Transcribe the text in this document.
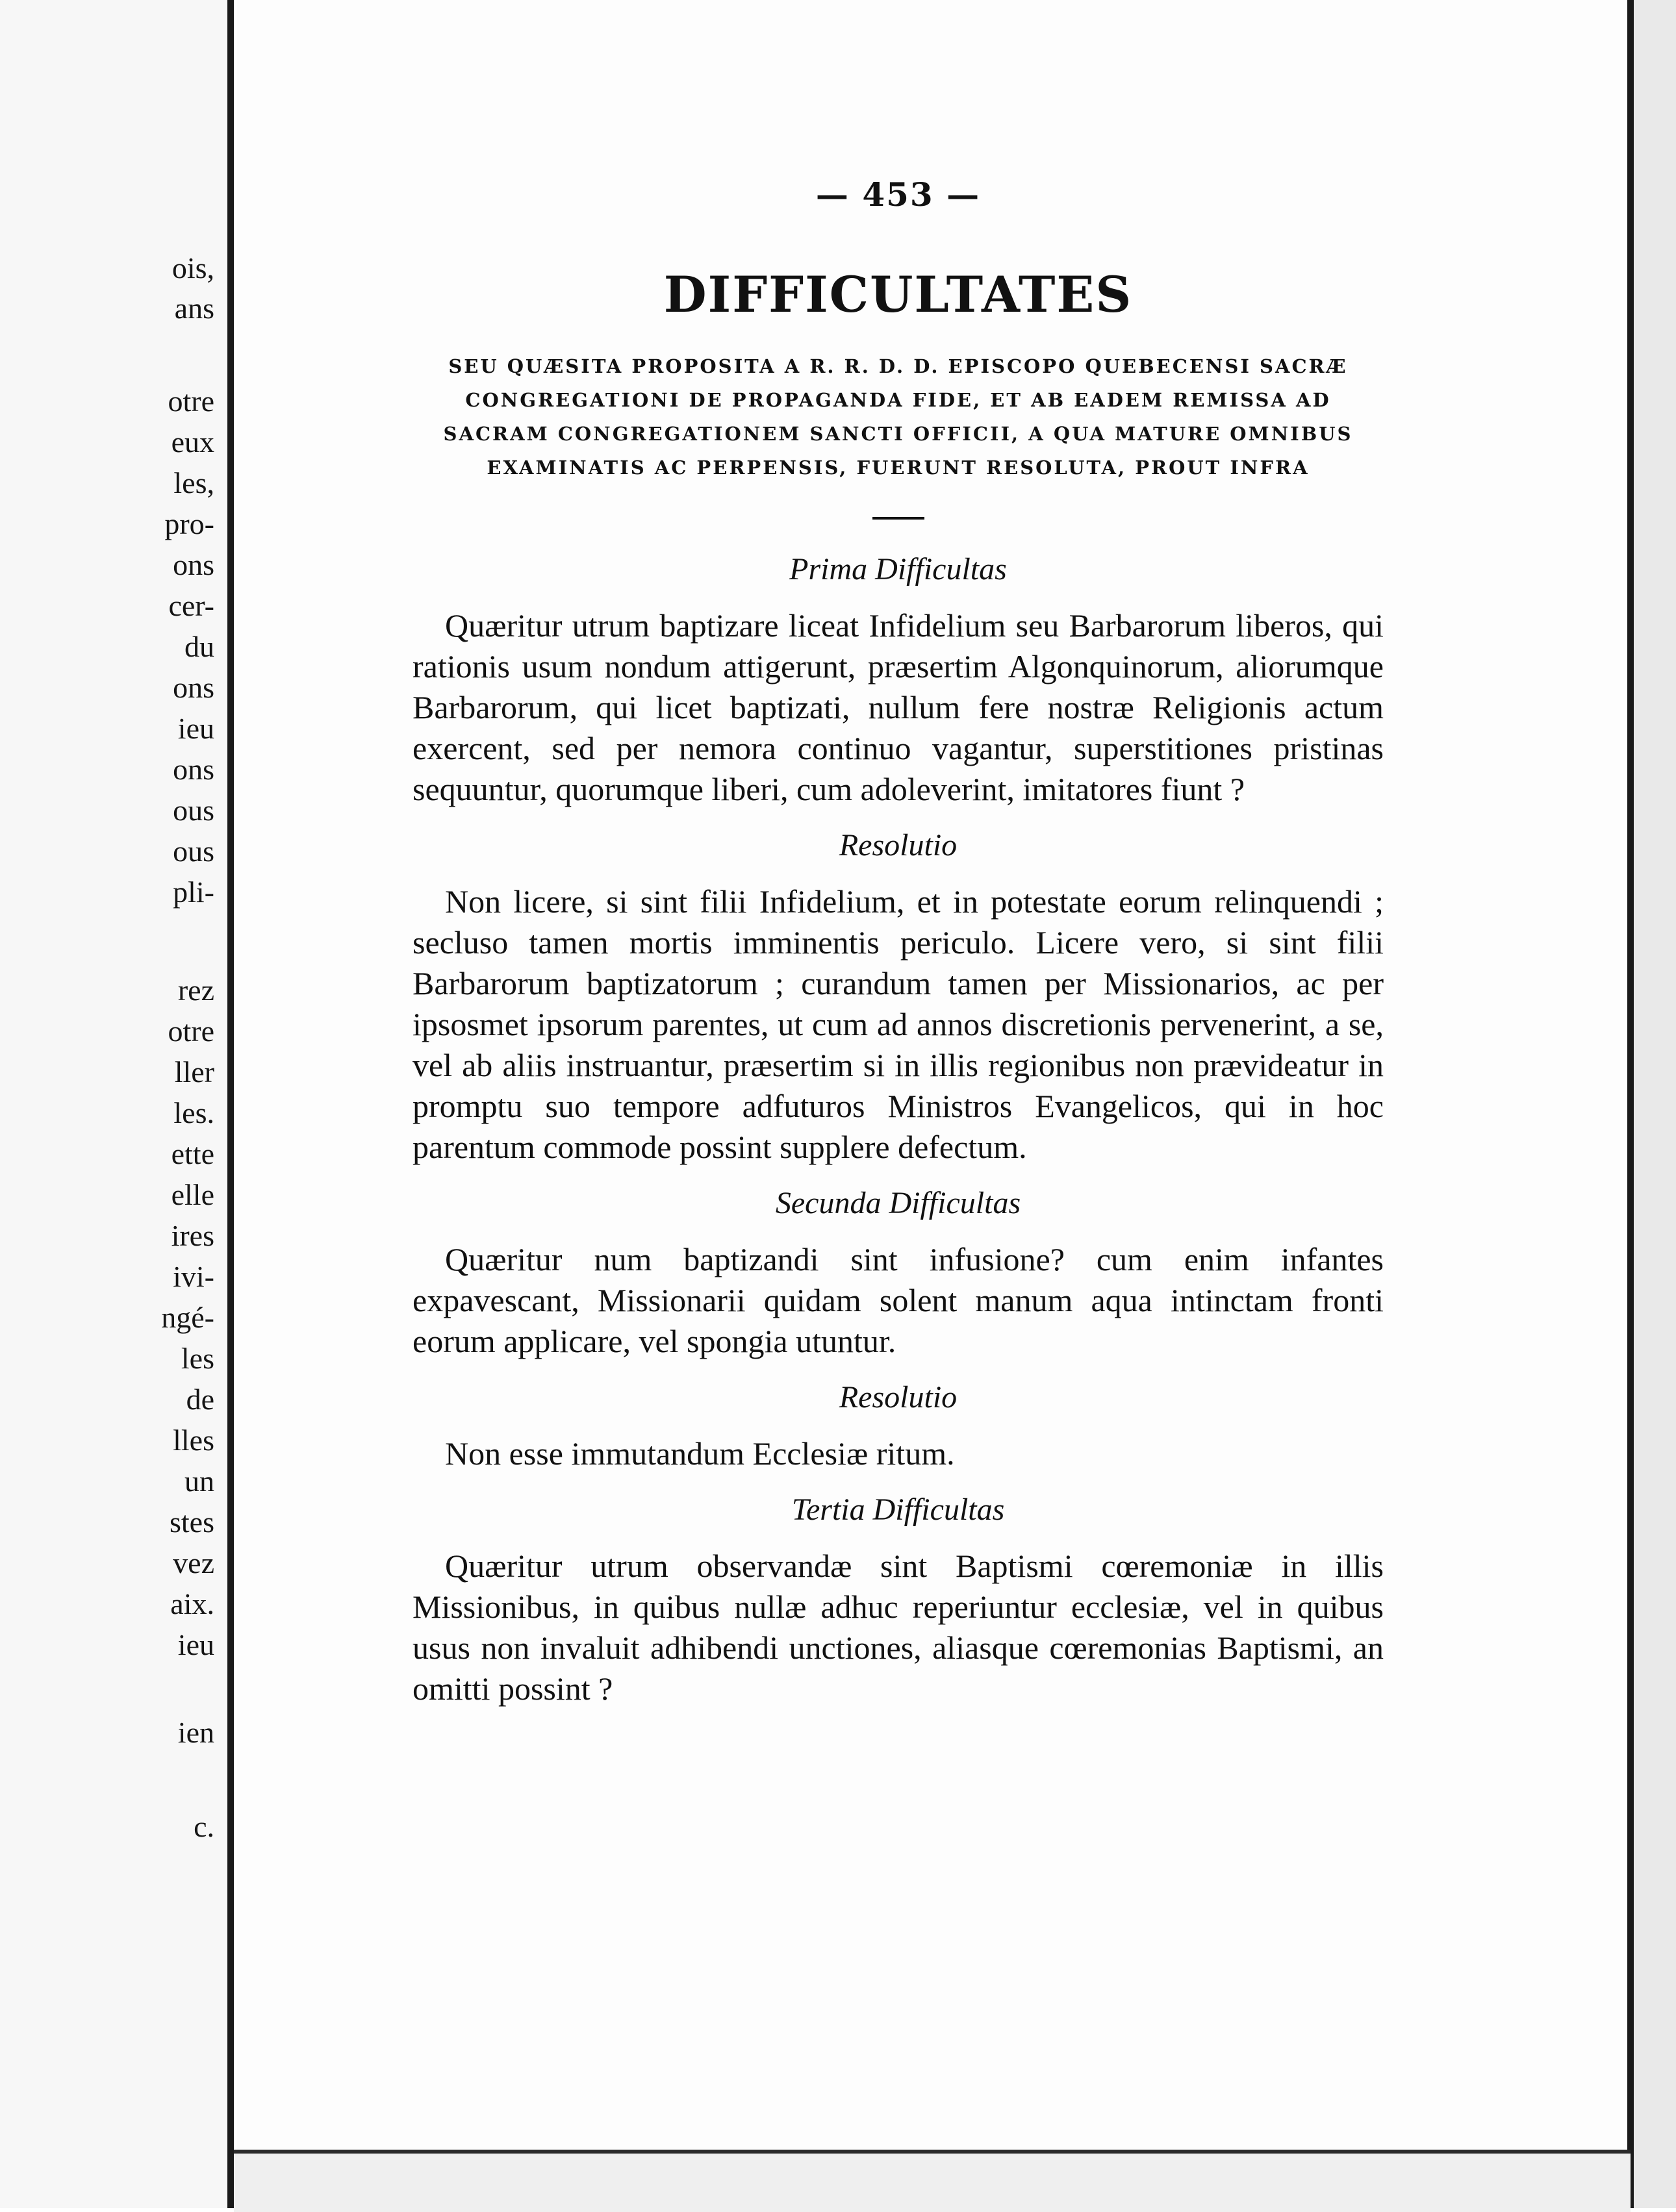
ois,
ans
otre
eux
les,
pro-
ons
cer-
du
ons
ieu
ons
ous
ous
pli-
rez
otre
ller
les.
ette
elle
ires
ivi-
ngé-
les
de
lles
un
stes
vez
aix.
ieu
ien
c.
— 453 —
DIFFICULTATES
SEU QUÆSITA PROPOSITA A R. R. D. D. EPISCOPO QUEBECENSI SACRÆ CONGREGATIONI DE PROPAGANDA FIDE, ET AB EADEM REMISSA AD SACRAM CONGREGATIONEM SANCTI OFFICII, A QUA MATURE OMNIBUS EXAMINATIS AC PERPENSIS, FUERUNT RESOLUTA, PROUT INFRA
Prima Difficultas

Quæritur utrum baptizare liceat Infidelium seu Barbarorum liberos, qui rationis usum nondum attigerunt, præsertim Algonquinorum, aliorumque Barbarorum, qui licet baptizati, nullum fere nostræ Religionis actum exercent, sed per nemora continuo vagantur, superstitiones pristinas sequuntur, quorumque liberi, cum adoleverint, imitatores fiunt ?

Resolutio

Non licere, si sint filii Infidelium, et in potestate eorum relinquendi ; secluso tamen mortis imminentis periculo. Licere vero, si sint filii Barbarorum baptizatorum ; curandum tamen per Missionarios, ac per ipsosmet ipsorum parentes, ut cum ad annos discretionis pervenerint, a se, vel ab aliis instruantur, præsertim si in illis regionibus non prævideatur in promptu suo tempore adfuturos Ministros Evangelicos, qui in hoc parentum commode possint supplere defectum.

Secunda Difficultas

Quæritur num baptizandi sint infusione? cum enim infantes expavescant, Missionarii quidam solent manum aqua intinctam fronti eorum applicare, vel spongia utuntur.

Resolutio

Non esse immutandum Ecclesiæ ritum.

Tertia Difficultas

Quæritur utrum observandæ sint Baptismi cœremoniæ in illis Missionibus, in quibus nullæ adhuc reperiuntur ecclesiæ, vel in quibus usus non invaluit adhibendi unctiones, aliasque cœremonias Baptismi, an omitti possint ?
